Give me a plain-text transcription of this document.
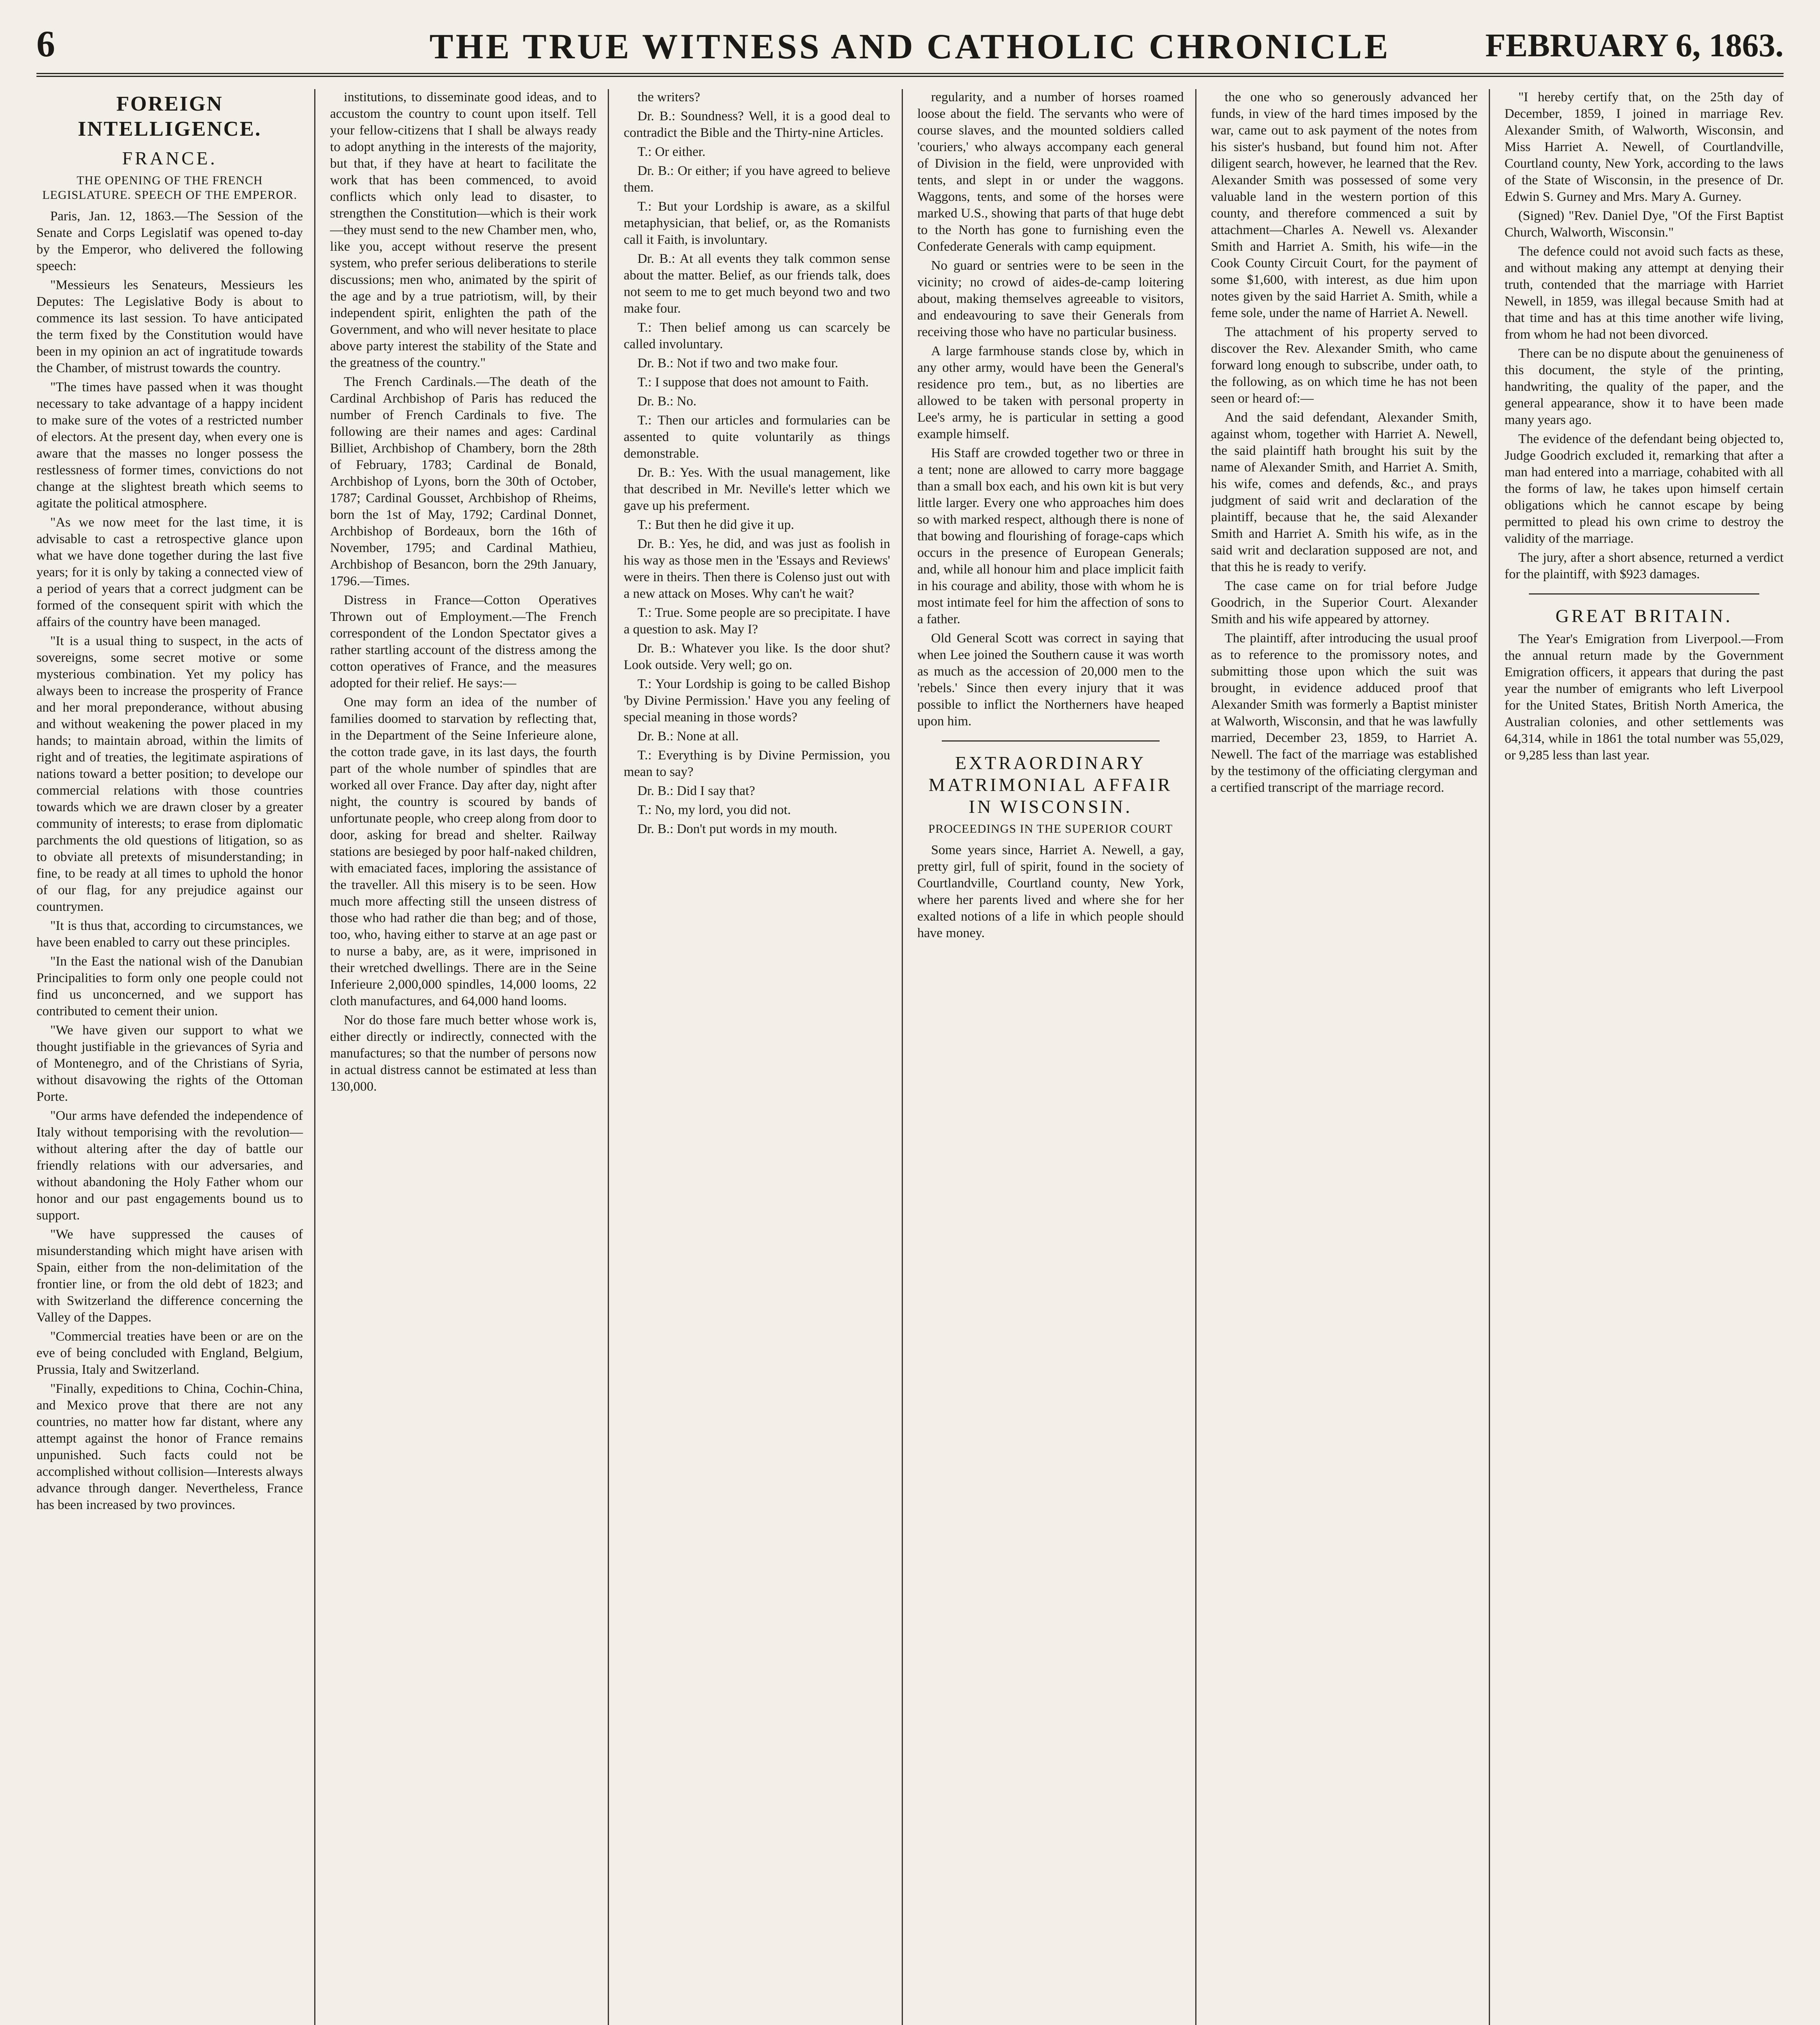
6	THE TRUE WITNESS AND CATHOLIC CHRONICLE	FEBRUARY 6, 1863.
FOREIGN INTELLIGENCE.
FRANCE.
THE OPENING OF THE FRENCH LEGISLATURE. SPEECH OF THE EMPEROR.

Paris, Jan. 12, 1863.—The Session of the Senate and Corps Legislatif was opened to-day by the Emperor, who delivered the following speech:

"Messieurs les Senateurs, Messieurs les Deputes: The Legislative Body is about to commence its last session. To have anticipated the term fixed by the Constitution would have been in my opinion an act of ingratitude towards the Chamber, of mistrust towards the country.

"The times have passed when it was thought necessary to take advantage of a happy incident to make sure of the votes of a restricted number of electors. At the present day, when every one is aware that the masses no longer possess the restlessness of former times, convictions do not change at the slightest breath which seems to agitate the political atmosphere.

"As we now meet for the last time, it is advisable to cast a retrospective glance upon what we have done together during the last five years; for it is only by taking a connected view of a period of years that a correct judgment can be formed of the consequent spirit with which the affairs of the country have been managed.

"It is a usual thing to suspect, in the acts of sovereigns, some secret motive or some mysterious combination. Yet my policy has always been to increase the prosperity of France and her moral preponderance, without abusing and without weakening the power placed in my hands; to maintain abroad, within the limits of right and of treaties, the legitimate aspirations of nations toward a better position; to develope our commercial relations with those countries towards which we are drawn closer by a greater community of interests; to erase from diplomatic parchments the old questions of litigation, so as to obviate all pretexts of misunderstanding; in fine, to be ready at all times to uphold the honor of our flag, for any prejudice against our countrymen.

"It is thus that, according to circumstances, we have been enabled to carry out these principles.

"In the East the national wish of the Danubian Principalities to form only one people could not find us unconcerned, and we support has contributed to cement their union.

"We have given our support to what we thought justifiable in the grievances of Syria and of Montenegro, and of the Christians of Syria, without disavowing the rights of the Ottoman Porte.

"Our arms have defended the independence of Italy without temporising with the revolution—without altering after the day of battle our friendly relations with our adversaries, and without abandoning the Holy Father whom our honor and our past engagements bound us to support.

"We have suppressed the causes of misunderstanding which might have arisen with Spain, either from the non-delimitation of the frontier line, or from the old debt of 1823; and with Switzerland the difference concerning the Valley of the Dappes.

"Commercial treaties have been or are on the eve of being concluded with England, Belgium, Prussia, Italy and Switzerland.

"Finally, expeditions to China, Cochin-China, and Mexico prove that there are not any countries, no matter how far distant, where any attempt against the honor of France remains unpunished. Such facts could not be accomplished without collision—Interests always advance through danger. Nevertheless, France has been increased by two provinces.

institutions, to disseminate good ideas, and to accustom the country to count upon itself. Tell your fellow-citizens that I shall be always ready to adopt anything in the interests of the majority, but that, if they have at heart to facilitate the work that has been commenced, to avoid conflicts which only lead to disaster, to strengthen the Constitution—which is their work—they must send to the new Chamber men, who, like you, accept without reserve the present system, who prefer serious deliberations to sterile discussions; men who, animated by the spirit of the age and by a true patriotism, will, by their independent spirit, enlighten the path of the Government, and who will never hesitate to place above party interest the stability of the State and the greatness of the country."

The French Cardinals.—The death of the Cardinal Archbishop of Paris has reduced the number of French Cardinals to five. The following are their names and ages: Cardinal Billiet, Archbishop of Chambery, born the 28th of February, 1783; Cardinal de Bonald, Archbishop of Lyons, born the 30th of October, 1787; Cardinal Gousset, Archbishop of Rheims, born the 1st of May, 1792; Cardinal Donnet, Archbishop of Bordeaux, born the 16th of November, 1795; and Cardinal Mathieu, Archbishop of Besancon, born the 29th January, 1796.—Times.

Distress in France—Cotton Operatives Thrown out of Employment.—The French correspondent of the London Spectator gives a rather startling account of the distress among the cotton operatives of France, and the measures adopted for their relief. He says:—

One may form an idea of the number of families doomed to starvation by reflecting that, in the Department of the Seine Inferieure alone, the cotton trade gave, in its last days, the fourth part of the whole number of spindles that are worked all over France. Day after day, night after night, the country is scoured by bands of unfortunate people, who creep along from door to door, asking for bread and shelter. Railway stations are besieged by poor half-naked children, with emaciated faces, imploring the assistance of the traveller. All this misery is to be seen. How much more affecting still the unseen distress of those who had rather die than beg; and of those, too, who, having either to starve at an age past or to nurse a baby, are, as it were, imprisoned in their wretched dwellings. There are in the Seine Inferieure 2,000,000 spindles, 14,000 looms, 22 cloth manufactures, and 64,000 hand looms.

Nor do those fare much better whose work is, either directly or indirectly, connected with the manufactures; so that the number of persons now in actual distress cannot be estimated at less than 130,000.

the writers?

Dr. B.: Soundness? Well, it is a good deal to contradict the Bible and the Thirty-nine Articles.

T.: Or either.

Dr. B.: Or either; if you have agreed to believe them.

T.: But your Lordship is aware, as a skilful metaphysician, that belief, or, as the Romanists call it Faith, is involuntary.

Dr. B.: At all events they talk common sense about the matter. Belief, as our friends talk, does not seem to me to get much beyond two and two make four.

T.: Then belief among us can scarcely be called involuntary.

Dr. B.: Not if two and two make four.

T.: I suppose that does not amount to Faith.

Dr. B.: No.

T.: Then our articles and formularies can be assented to quite voluntarily as things demonstrable.

Dr. B.: Yes. With the usual management, like that described in Mr. Neville's letter which we gave up his preferment.

T.: But then he did give it up.

Dr. B.: Yes, he did, and was just as foolish in his way as those men in the 'Essays and Reviews' were in theirs. Then there is Colenso just out with a new attack on Moses. Why can't he wait?

T.: True. Some people are so precipitate. I have a question to ask. May I?

Dr. B.: Whatever you like. Is the door shut? Look outside. Very well; go on.

T.: Your Lordship is going to be called Bishop 'by Divine Permission.' Have you any feeling of special meaning in those words?

Dr. B.: None at all.

T.: Everything is by Divine Permission, you mean to say?

Dr. B.: Did I say that?

T.: No, my lord, you did not.

Dr. B.: Don't put words in my mouth.

regularity, and a number of horses roamed loose about the field. The servants who were of course slaves, and the mounted soldiers called 'couriers,' who always accompany each general of Division in the field, were unprovided with tents, and slept in or under the waggons. Waggons, tents, and some of the horses were marked U.S., showing that parts of that huge debt to the North has gone to furnishing even the Confederate Generals with camp equipment.

No guard or sentries were to be seen in the vicinity; no crowd of aides-de-camp loitering about, making themselves agreeable to visitors, and endeavouring to save their Generals from receiving those who have no particular business.

A large farmhouse stands close by, which in any other army, would have been the General's residence pro tem., but, as no liberties are allowed to be taken with personal property in Lee's army, he is particular in setting a good example himself.

His Staff are crowded together two or three in a tent; none are allowed to carry more baggage than a small box each, and his own kit is but very little larger. Every one who approaches him does so with marked respect, although there is none of that bowing and flourishing of forage-caps which occurs in the presence of European Generals; and, while all honour him and place implicit faith in his courage and ability, those with whom he is most intimate feel for him the affection of sons to a father.

Old General Scott was correct in saying that when Lee joined the Southern cause it was worth as much as the accession of 20,000 men to the 'rebels.' Since then every injury that it was possible to inflict the Northerners have heaped upon him.

EXTRAORDINARY MATRIMONIAL AFFAIR IN WISCONSIN.
PROCEEDINGS IN THE SUPERIOR COURT

Some years since, Harriet A. Newell, a gay, pretty girl, full of spirit, found in the society of Courtlandville, Courtland county, New York, where her parents lived and where she for her exalted notions of a life in which people should have money.

the one who so generously advanced her funds, in view of the hard times imposed by the war, came out to ask payment of the notes from his sister's husband, but found him not. After diligent search, however, he learned that the Rev. Alexander Smith was possessed of some very valuable land in the western portion of this county, and therefore commenced a suit by attachment—Charles A. Newell vs. Alexander Smith and Harriet A. Smith, his wife—in the Cook County Circuit Court, for the payment of some $1,600, with interest, as due him upon notes given by the said Harriet A. Smith, while a feme sole, under the name of Harriet A. Newell.

The attachment of his property served to discover the Rev. Alexander Smith, who came forward long enough to subscribe, under oath, to the following, as on which time he has not been seen or heard of:—

And the said defendant, Alexander Smith, against whom, together with Harriet A. Newell, the said plaintiff hath brought his suit by the name of Alexander Smith, and Harriet A. Smith, his wife, comes and defends, &c., and prays judgment of said writ and declaration of the plaintiff, because that he, the said Alexander Smith and Harriet A. Smith his wife, as in the said writ and declaration supposed are not, and that this he is ready to verify.

The case came on for trial before Judge Goodrich, in the Superior Court. Alexander Smith and his wife appeared by attorney.

The plaintiff, after introducing the usual proof as to reference to the promissory notes, and submitting those upon which the suit was brought, in evidence adduced proof that Alexander Smith was formerly a Baptist minister at Walworth, Wisconsin, and that he was lawfully married, December 23, 1859, to Harriet A. Newell. The fact of the marriage was established by the testimony of the officiating clergyman and a certified transcript of the marriage record.

"I hereby certify that, on the 25th day of December, 1859, I joined in marriage Rev. Alexander Smith, of Walworth, Wisconsin, and Miss Harriet A. Newell, of Courtlandville, Courtland county, New York, according to the laws of the State of Wisconsin, in the presence of Dr. Edwin S. Gurney and Mrs. Mary A. Gurney.

(Signed) "Rev. Daniel Dye, "Of the First Baptist Church, Walworth, Wisconsin."

The defence could not avoid such facts as these, and without making any attempt at denying their truth, contended that the marriage with Harriet Newell, in 1859, was illegal because Smith had at that time and has at this time another wife living, from whom he had not been divorced.

There can be no dispute about the genuineness of this document, the style of the printing, handwriting, the quality of the paper, and the general appearance, show it to have been made many years ago.

The evidence of the defendant being objected to, Judge Goodrich excluded it, remarking that after a man had entered into a marriage, cohabited with all the forms of law, he takes upon himself certain obligations which he cannot escape by being permitted to plead his own crime to destroy the validity of the marriage.

The jury, after a short absence, returned a verdict for the plaintiff, with $923 damages.

GREAT BRITAIN.

The Year's Emigration from Liverpool.—From the annual return made by the Government Emigration officers, it appears that during the past year the number of emigrants who left Liverpool for the United States, British North America, the Australian colonies, and other settlements was 64,314, while in 1861 the total number was 55,029, or 9,285 less than last year.
